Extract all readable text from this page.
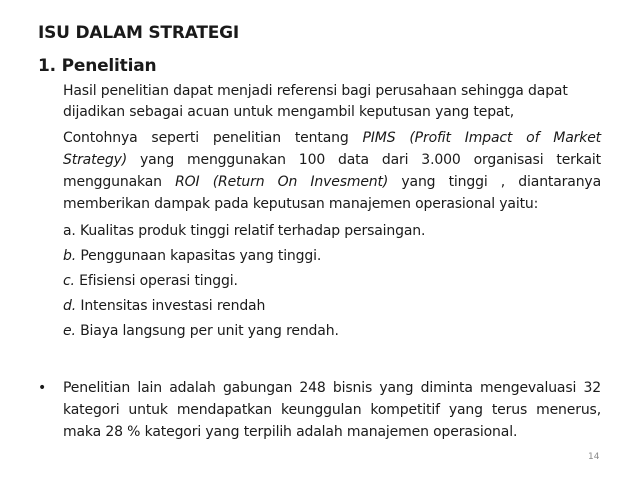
ISU DALAM STRATEGI
1. Penelitian
Hasil penelitian dapat menjadi referensi bagi perusahaan sehingga dapat
dijadikan sebagai acuan untuk mengambil keputusan yang tepat,
Contohnya seperti penelitian tentang PIMS (Profit Impact of Market
Strategy) yang menggunakan 100 data dari 3.000 organisasi terkait
menggunakan ROI (Return On Invesment) yang tinggi , diantaranya
memberikan dampak pada keputusan manajemen operasional yaitu:
a. Kualitas produk tinggi relatif terhadap persaingan.
b. Penggunaan kapasitas yang tinggi.
c. Efisiensi operasi tinggi.
d. Intensitas investasi rendah
e. Biaya langsung per unit yang rendah.
• Penelitian lain adalah gabungan 248 bisnis yang diminta mengevaluasi 32
kategori untuk mendapatkan keunggulan kompetitif yang terus menerus,
maka 28 % kategori yang terpilih adalah manajemen operasional.
14
